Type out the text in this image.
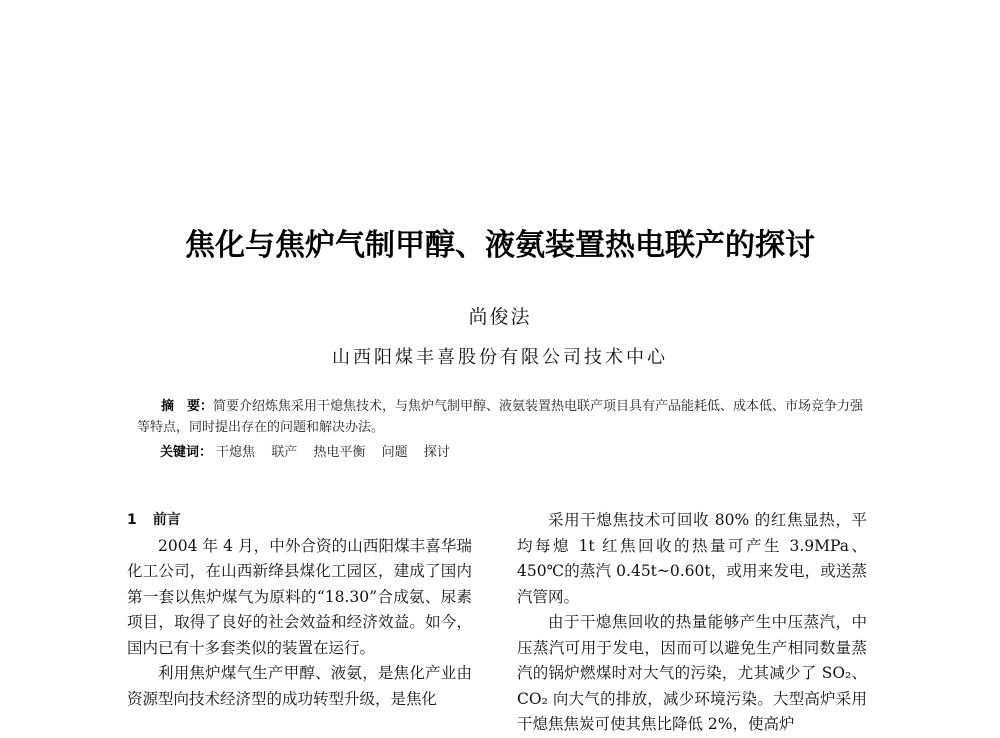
焦化与焦炉气制甲醇、液氨装置热电联产的探讨
尚俊法
山西阳煤丰喜股份有限公司技术中心
摘　要：简要介绍炼焦采用干熄焦技术，与焦炉气制甲醇、液氨装置热电联产项目具有产品能耗低、成本低、市场竞争力强等特点，同时提出存在的问题和解决办法。
关键词： 干熄焦 联产 热电平衡 问题 探讨

1 前言

2004 年 4 月，中外合资的山西阳煤丰喜华瑞化工公司，在山西新绛县煤化工园区，建成了国内第一套以焦炉煤气为原料的“18.30”合成氨、尿素项目，取得了良好的社会效益和经济效益。如今，国内已有十多套类似的装置在运行。

利用焦炉煤气生产甲醇、液氨，是焦化产业由资源型向技术经济型的成功转型升级，是焦化

采用干熄焦技术可回收 80% 的红焦显热，平均每熄 1t 红焦回收的热量可产生 3.9MPa、450℃的蒸汽 0.45t~0.60t，或用来发电，或送蒸汽管网。

由于干熄焦回收的热量能够产生中压蒸汽，中压蒸汽可用于发电，因而可以避免生产相同数量蒸汽的锅炉燃煤时对大气的污染，尤其减少了 SO₂、CO₂ 向大气的排放，减少环境污染。大型高炉采用干熄焦焦炭可使其焦比降低 2%，使高炉
